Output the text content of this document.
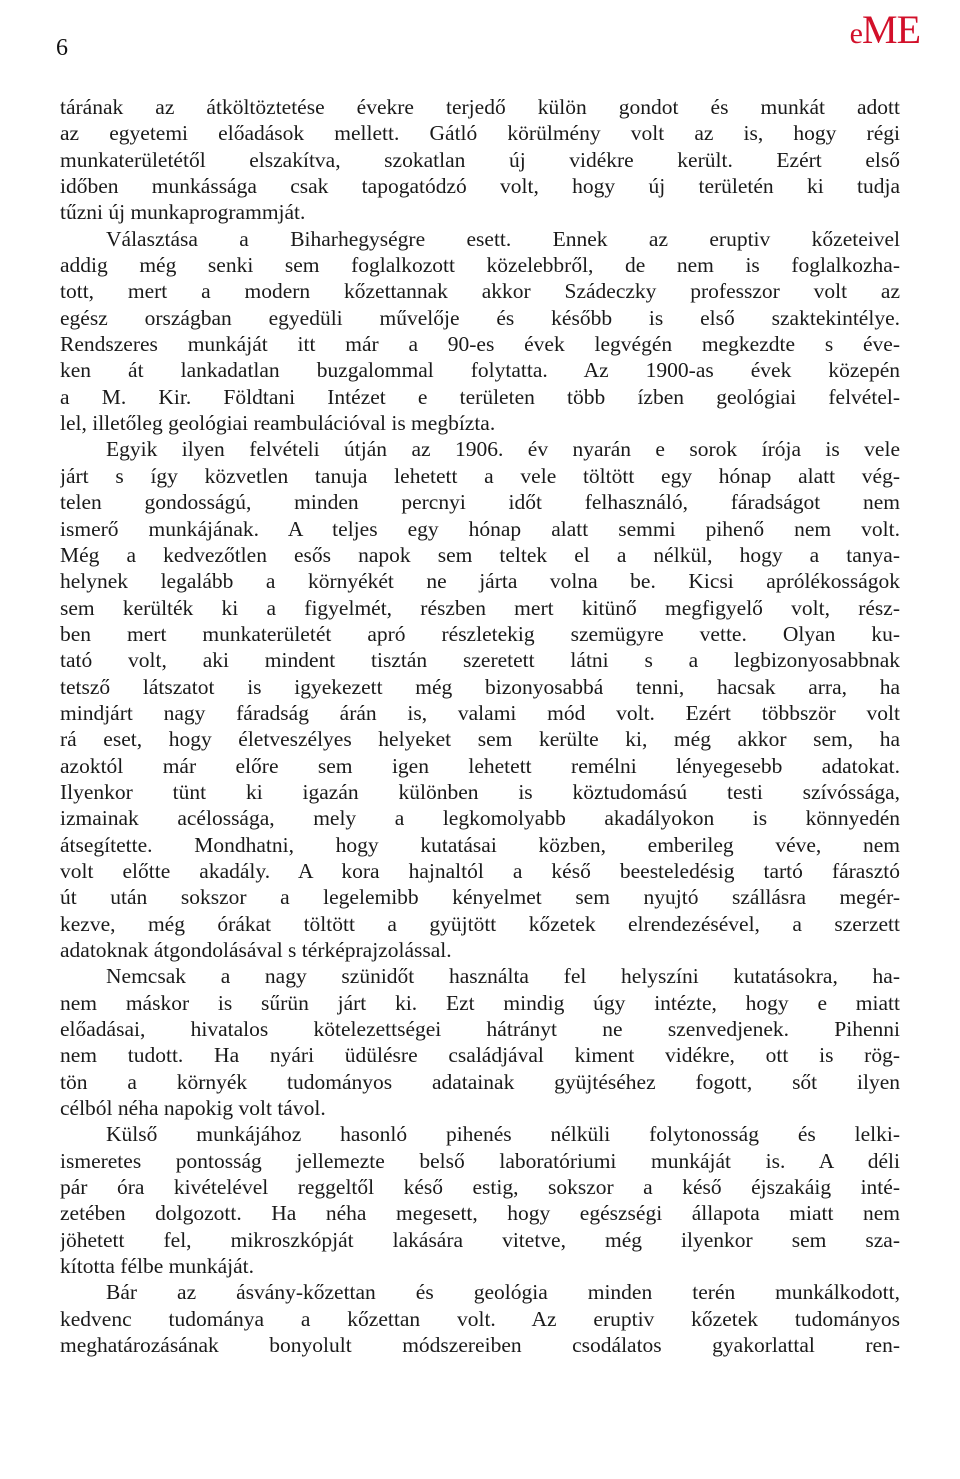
6	eME
tárának az átköltöztetése évekre terjedő külön gondot és munkát adott
az egyetemi előadások mellett. Gátló körülmény volt az is, hogy régi
munkaterületétől elszakítva, szokatlan új vidékre került. Ezért első
időben munkássága csak tapogatódzó volt, hogy új területén ki tudja
tűzni új munkaprogrammját.
Választása a Biharhegységre esett. Ennek az eruptiv kőzeteivel
addig még senki sem foglalkozott közelebbről, de nem is foglalkozha-
tott, mert a modern kőzettannak akkor Szádeczky professzor volt az
egész országban egyedüli művelője és később is első szaktekintélye.
Rendszeres munkáját itt már a 90-es évek legvégén megkezdte s éve-
ken át lankadatlan buzgalommal folytatta. Az 1900-as évek közepén
a M. Kir. Földtani Intézet e területen több ízben geológiai felvétel-
lel, illetőleg geológiai reambulációval is megbízta.
Egyik ilyen felvételi útján az 1906. év nyarán e sorok írója is vele
járt s így közvetlen tanuja lehetett a vele töltött egy hónap alatt vég-
telen gondosságú, minden percnyi időt felhasználó, fáradságot nem
ismerő munkájának. A teljes egy hónap alatt semmi pihenő nem volt.
Még a kedvezőtlen esős napok sem teltek el a nélkül, hogy a tanya-
helynek legalább a környékét ne járta volna be. Kicsi aprólékosságok
sem kerülték ki a figyelmét, részben mert kitünő megfigyelő volt, rész-
ben mert munkaterületét apró részletekig szemügyre vette. Olyan ku-
tató volt, aki mindent tisztán szeretett látni s a legbizonyosabbnak
tetsző látszatot is igyekezett még bizonyosabbá tenni, hacsak arra, ha
mindjárt nagy fáradság árán is, valami mód volt. Ezért többször volt
rá eset, hogy életveszélyes helyeket sem kerülte ki, még akkor sem, ha
azoktól már előre sem igen lehetett remélni lényegesebb adatokat.
Ilyenkor tünt ki igazán különben is köztudomású testi szívóssága,
izmainak acélossága, mely a legkomolyabb akadályokon is könnyedén
átsegítette. Mondhatni, hogy kutatásai közben, emberileg véve, nem
volt előtte akadály. A kora hajnaltól a késő beesteledésig tartó fárasztó
út után sokszor a legelemibb kényelmet sem nyujtó szállásra megér-
kezve, még órákat töltött a gyüjtött kőzetek elrendezésével, a szerzett
adatoknak átgondolásával s térképrajzolással.
Nemcsak a nagy szünidőt használta fel helyszíni kutatásokra, ha-
nem máskor is sűrün járt ki. Ezt mindig úgy intézte, hogy e miatt
előadásai, hivatalos kötelezettségei hátrányt ne szenvedjenek. Pihenni
nem tudott. Ha nyári üdülésre családjával kiment vidékre, ott is rög-
tön a környék tudományos adatainak gyüjtéséhez fogott, sőt ilyen
célból néha napokig volt távol.
Külső munkájához hasonló pihenés nélküli folytonosság és lelki-
ismeretes pontosság jellemezte belső laboratóriumi munkáját is. A déli
pár óra kivételével reggeltől késő estig, sokszor a késő éjszakáig inté-
zetében dolgozott. Ha néha megesett, hogy egészségi állapota miatt nem
jöhetett fel, mikroszkópját lakására vitetve, még ilyenkor sem sza-
kította félbe munkáját.
Bár az ásvány-kőzettan és geológia minden terén munkálkodott,
kedvenc tudománya a kőzettan volt. Az eruptiv kőzetek tudományos
meghatározásának bonyolult módszereiben csodálatos gyakorlattal ren-
